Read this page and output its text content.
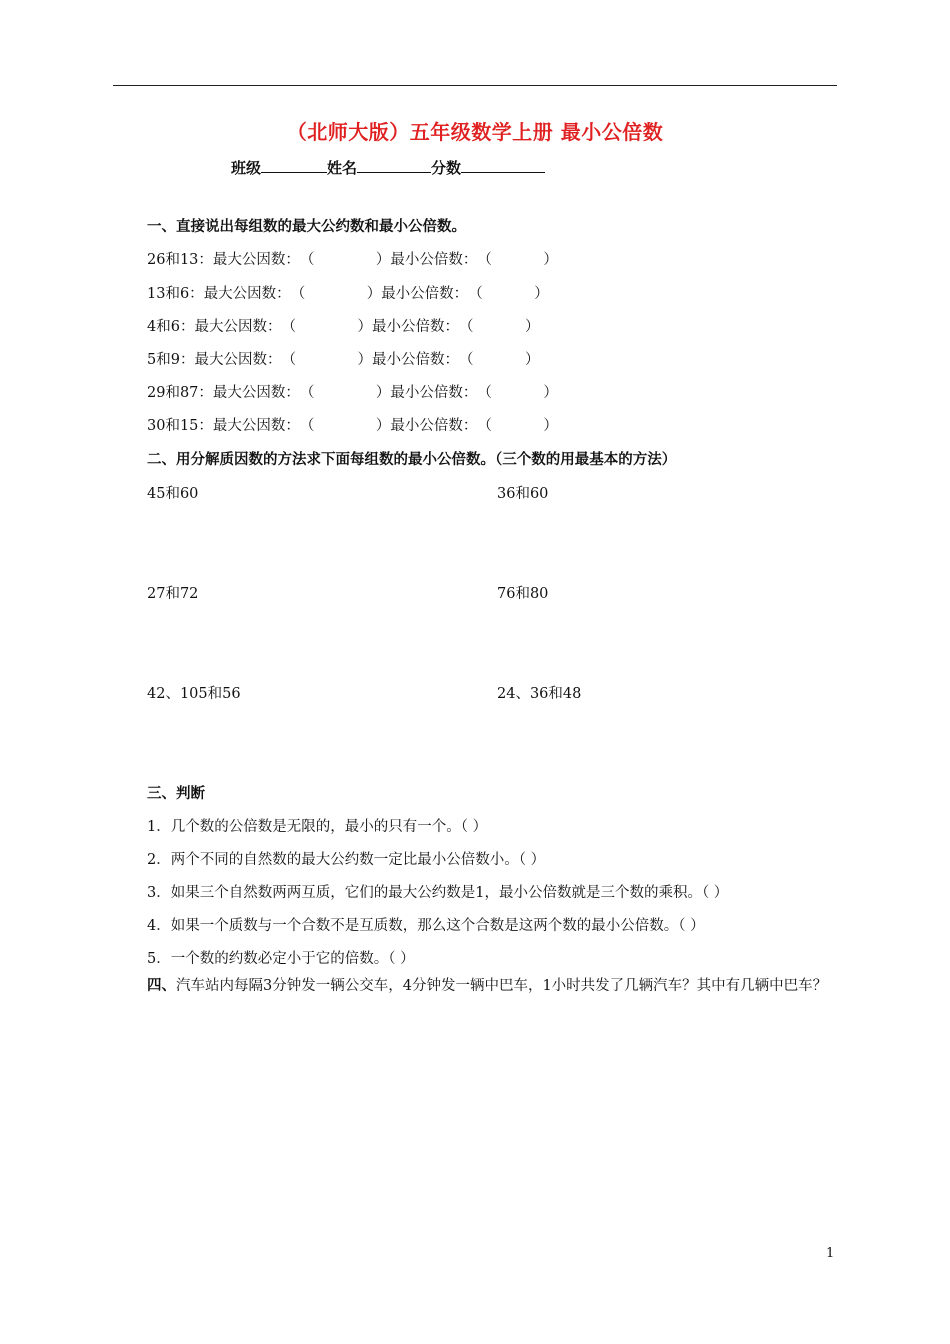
（北师大版）五年级数学上册 最小公倍数
班级	姓名	分数
一、直接说出每组数的最大公约数和最小公倍数。
26和13：最大公因数：（	）最小公倍数：（	）
13和6：最大公因数：（	）最小公倍数：（	）
4和6：最大公因数：（	）最小公倍数：（	）
5和9：最大公因数：（	）最小公倍数：（	）
29和87：最大公因数：（	）最小公倍数：（	）
30和15：最大公因数：（	）最小公倍数：（	）
二、用分解质因数的方法求下面每组数的最小公倍数。（三个数的用最基本的方法）
45和60	36和60
27和72	76和80
42、105和56	24、36和48
三、判断
1．几个数的公倍数是无限的，最小的只有一个。（ ）
2．两个不同的自然数的最大公约数一定比最小公倍数小。（ ）
3．如果三个自然数两两互质，它们的最大公约数是1，最小公倍数就是三个数的乘积。（ ）
4．如果一个质数与一个合数不是互质数，那么这个合数是这两个数的最小公倍数。（ ）
5．一个数的约数必定小于它的倍数。（ ）
四、汽车站内每隔3分钟发一辆公交车，4分钟发一辆中巴车，1小时共发了几辆汽车？其中有几辆中巴车？
1
